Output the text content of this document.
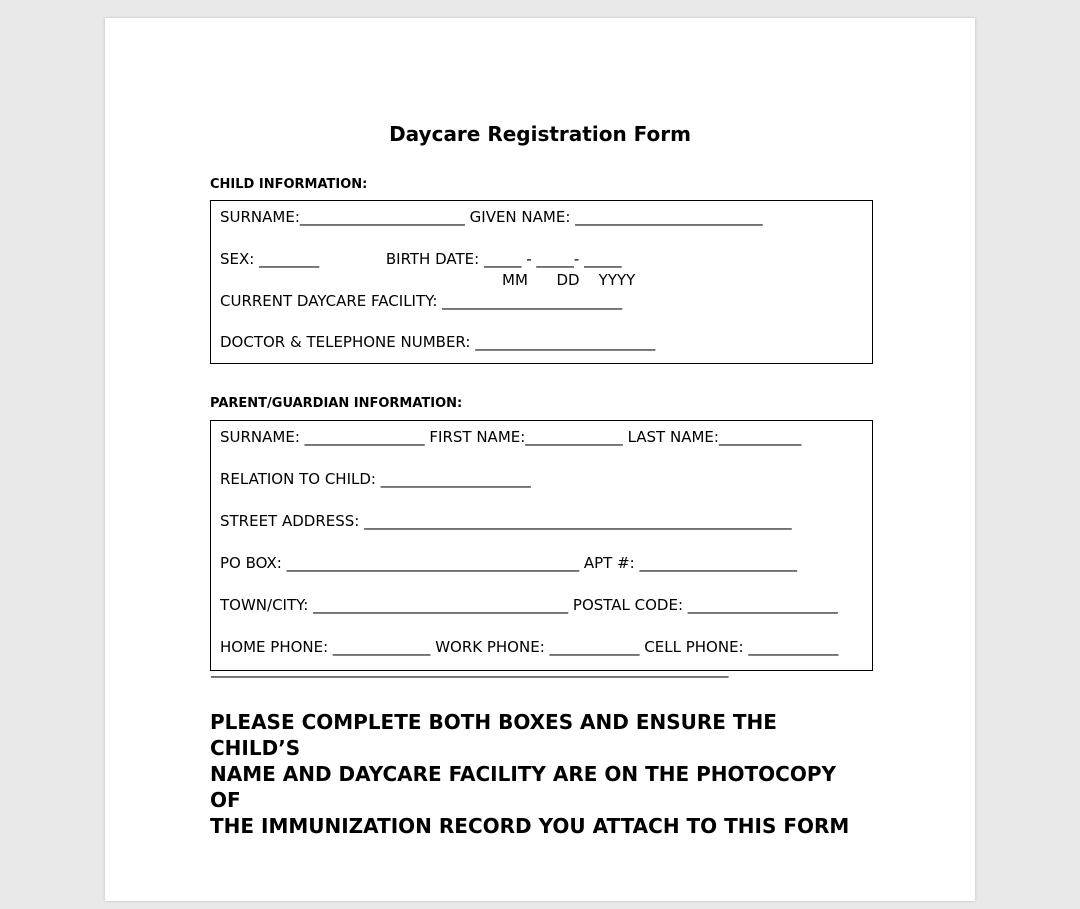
Daycare Registration Form
CHILD INFORMATION:
SURNAME:______________________ GIVEN NAME: _________________________
SEX: ________              BIRTH DATE: _____ - _____- _____
MM      DD    YYYY
CURRENT DAYCARE FACILITY: ________________________
DOCTOR & TELEPHONE NUMBER: ________________________
PARENT/GUARDIAN INFORMATION:
SURNAME: ________________ FIRST NAME:_____________ LAST NAME:___________
RELATION TO CHILD: ____________________
STREET ADDRESS: _________________________________________________________
PO BOX: _______________________________________ APT #: _____________________
TOWN/CITY: __________________________________ POSTAL CODE: ____________________
HOME PHONE: _____________ WORK PHONE: ____________ CELL PHONE: ____________
_____________________________________________________________________
PLEASE COMPLETE BOTH BOXES AND ENSURE THE CHILD’S
NAME AND DAYCARE FACILITY ARE ON THE PHOTOCOPY OF
THE IMMUNIZATION RECORD YOU ATTACH TO THIS FORM
